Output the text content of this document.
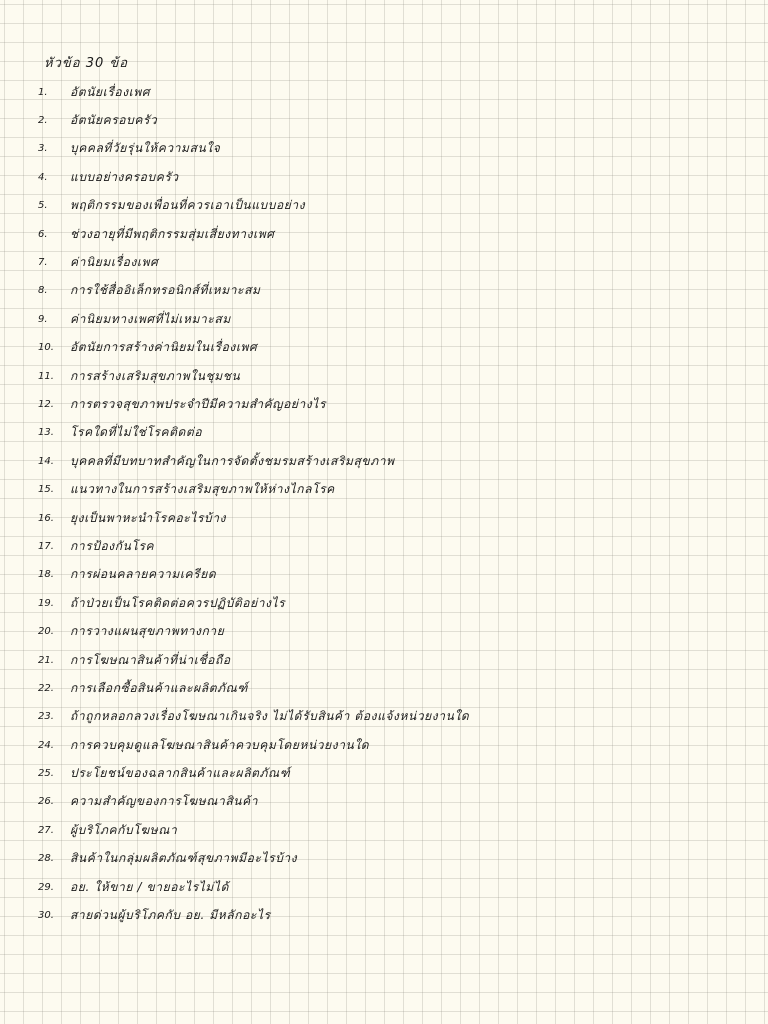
หัวข้อ 30 ข้อ
1.	อัตนัยเรื่องเพศ
2.	อัตนัยครอบครัว
3.	บุคคลที่วัยรุ่นให้ความสนใจ
4.	แบบอย่างครอบครัว
5.	พฤติกรรมของเพื่อนที่ควรเอาเป็นแบบอย่าง
6.	ช่วงอายุที่มีพฤติกรรมสุ่มเสี่ยงทางเพศ
7.	ค่านิยมเรื่องเพศ
8.	การใช้สื่ออิเล็กทรอนิกส์ที่เหมาะสม
9.	ค่านิยมทางเพศที่ไม่เหมาะสม
10.	อัตนัยการสร้างค่านิยมในเรื่องเพศ
11.	การสร้างเสริมสุขภาพในชุมชน
12.	การตรวจสุขภาพประจำปีมีความสำคัญอย่างไร
13.	โรคใดที่ไม่ใช่โรคติดต่อ
14.	บุคคลที่มีบทบาทสำคัญในการจัดตั้งชมรมสร้างเสริมสุขภาพ
15.	แนวทางในการสร้างเสริมสุขภาพให้ห่างไกลโรค
16.	ยุงเป็นพาหะนำโรคอะไรบ้าง
17.	การป้องกันโรค
18.	การผ่อนคลายความเครียด
19.	ถ้าป่วยเป็นโรคติดต่อควรปฏิบัติอย่างไร
20.	การวางแผนสุขภาพทางกาย
21.	การโฆษณาสินค้าที่น่าเชื่อถือ
22.	การเลือกซื้อสินค้าและผลิตภัณฑ์
23.	ถ้าถูกหลอกลวงเรื่องโฆษณาเกินจริง ไม่ได้รับสินค้า ต้องแจ้งหน่วยงานใด
24.	การควบคุมดูแลโฆษณาสินค้าควบคุมโดยหน่วยงานใด
25.	ประโยชน์ของฉลากสินค้าและผลิตภัณฑ์
26.	ความสำคัญของการโฆษณาสินค้า
27.	ผู้บริโภคกับโฆษณา
28.	สินค้าในกลุ่มผลิตภัณฑ์สุขภาพมีอะไรบ้าง
29.	อย. ให้ขาย / ขายอะไรไม่ได้
30.	สายด่วนผู้บริโภคกับ อย. มีหลักอะไร
